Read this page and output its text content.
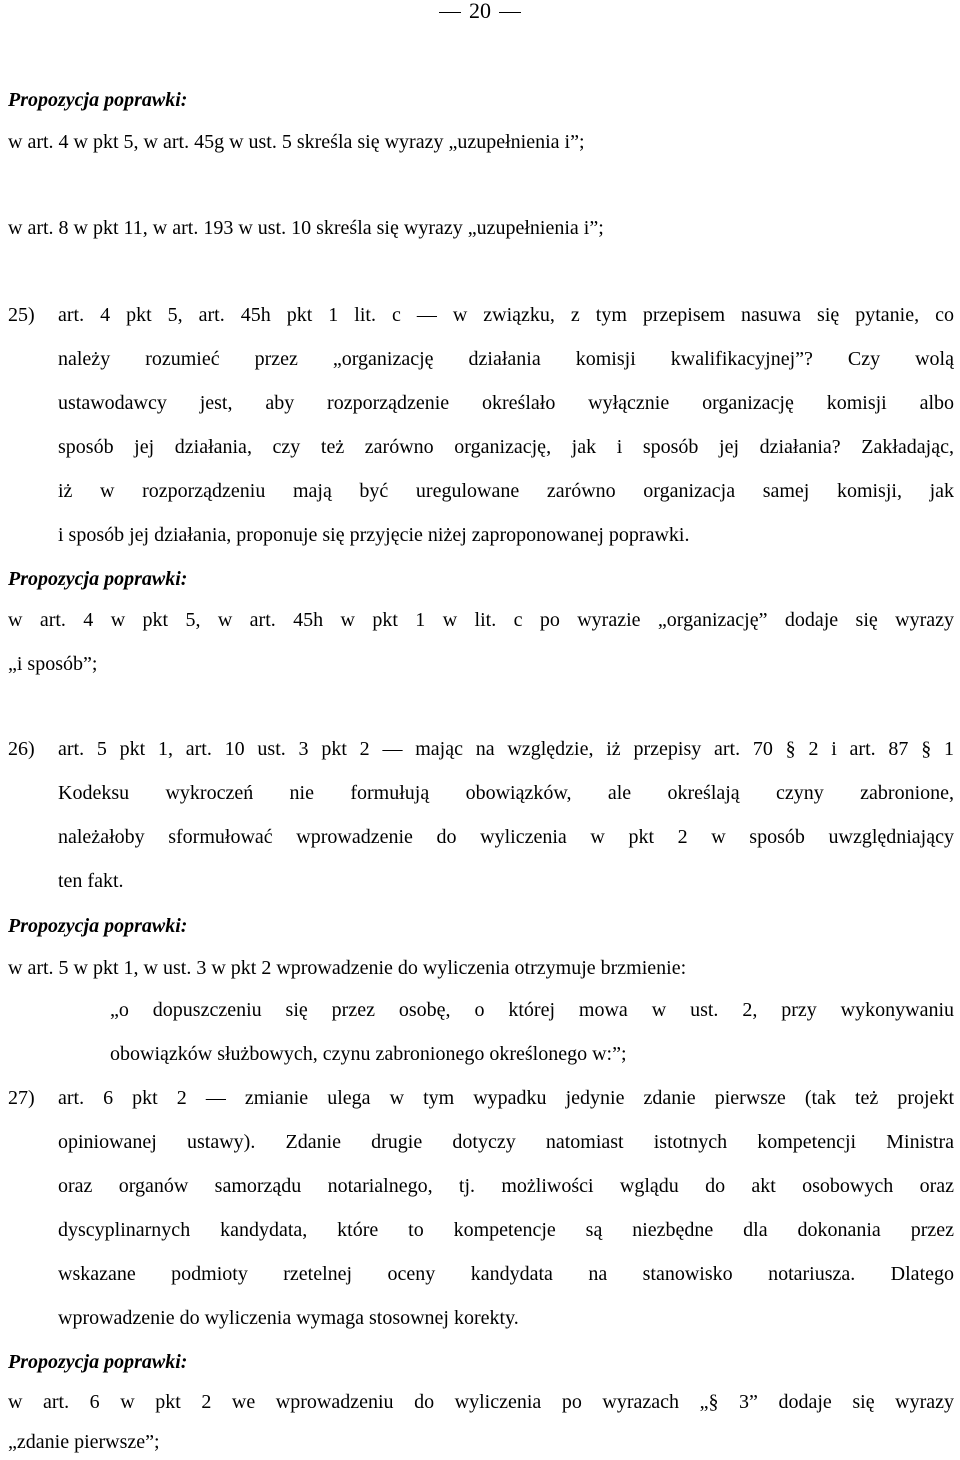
20
Propozycja poprawki:
w art. 4 w pkt 5, w art. 45g w ust. 5 skreśla się wyrazy „uzupełnienia i”;
w art. 8 w pkt 11, w art. 193 w ust. 10 skreśla się wyrazy „uzupełnienia i”;
25) art. 4 pkt 5, art. 45h pkt 1 lit. c — w związku, z tym przepisem nasuwa się pytanie, co

należy rozumieć przez „organizację działania komisji kwalifikacyjnej”? Czy wolą

ustawodawcy jest, aby rozporządzenie określało wyłącznie organizację komisji albo

sposób jej działania, czy też zarówno organizację, jak i sposób jej działania? Zakładając,

iż w rozporządzeniu mają być uregulowane zarówno organizacja samej komisji, jak

i sposób jej działania, proponuje się przyjęcie niżej zaproponowanej poprawki.

Propozycja poprawki:

w art. 4 w pkt 5, w art. 45h w pkt 1 w lit. c po wyrazie „organizację” dodaje się wyrazy

„i sposób”;

26) art. 5 pkt 1, art. 10 ust. 3 pkt 2 — mając na względzie, iż przepisy art. 70 § 2 i art. 87 § 1

Kodeksu wykroczeń nie formułują obowiązków, ale określają czyny zabronione,

należałoby sformułować wprowadzenie do wyliczenia w pkt 2 w sposób uwzględniający

ten fakt.

Propozycja poprawki:
w art. 5 w pkt 1, w ust. 3 w pkt 2 wprowadzenie do wyliczenia otrzymuje brzmienie:

„o dopuszczeniu się przez osobę, o której mowa w ust. 2, przy wykonywaniu

obowiązków służbowych, czynu zabronionego określonego w:”;

27) art. 6 pkt 2 — zmianie ulega w tym wypadku jedynie zdanie pierwsze (tak też projekt

opiniowanej ustawy). Zdanie drugie dotyczy natomiast istotnych kompetencji Ministra

oraz organów samorządu notarialnego, tj. możliwości wglądu do akt osobowych oraz

dyscyplinarnych kandydata, które to kompetencje są niezbędne dla dokonania przez

wskazane podmioty rzetelnej oceny kandydata na stanowisko notariusza. Dlatego

wprowadzenie do wyliczenia wymaga stosownej korekty.

Propozycja poprawki:

w art. 6 w pkt 2 we wprowadzeniu do wyliczenia po wyrazach „§ 3” dodaje się wyrazy

„zdanie pierwsze”;
